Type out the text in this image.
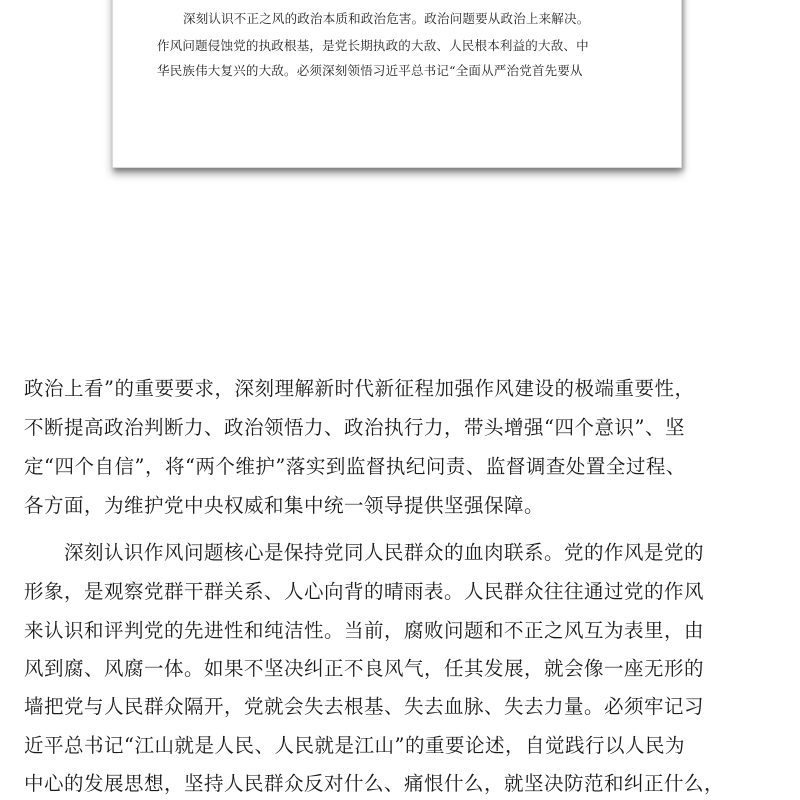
深刻认识不正之风的政治本质和政治危害。政治问题要从政治上来解决。
作风问题侵蚀党的执政根基，是党长期执政的大敌、人民根本利益的大敌、中
华民族伟大复兴的大敌。必须深刻领悟习近平总书记“全面从严治党首先要从
政治上看”的重要要求，深刻理解新时代新征程加强作风建设的极端重要性，
不断提高政治判断力、政治领悟力、政治执行力，带头增强“四个意识”、坚
定“四个自信”，将“两个维护”落实到监督执纪问责、监督调查处置全过程、
各方面，为维护党中央权威和集中统一领导提供坚强保障。
深刻认识作风问题核心是保持党同人民群众的血肉联系。党的作风是党的
形象，是观察党群干群关系、人心向背的晴雨表。人民群众往往通过党的作风
来认识和评判党的先进性和纯洁性。当前，腐败问题和不正之风互为表里，由
风到腐、风腐一体。如果不坚决纠正不良风气，任其发展，就会像一座无形的
墙把党与人民群众隔开，党就会失去根基、失去血脉、失去力量。必须牢记习
近平总书记“江山就是人民、人民就是江山”的重要论述，自觉践行以人民为
中心的发展思想，坚持人民群众反对什么、痛恨什么，就坚决防范和纠正什么，
